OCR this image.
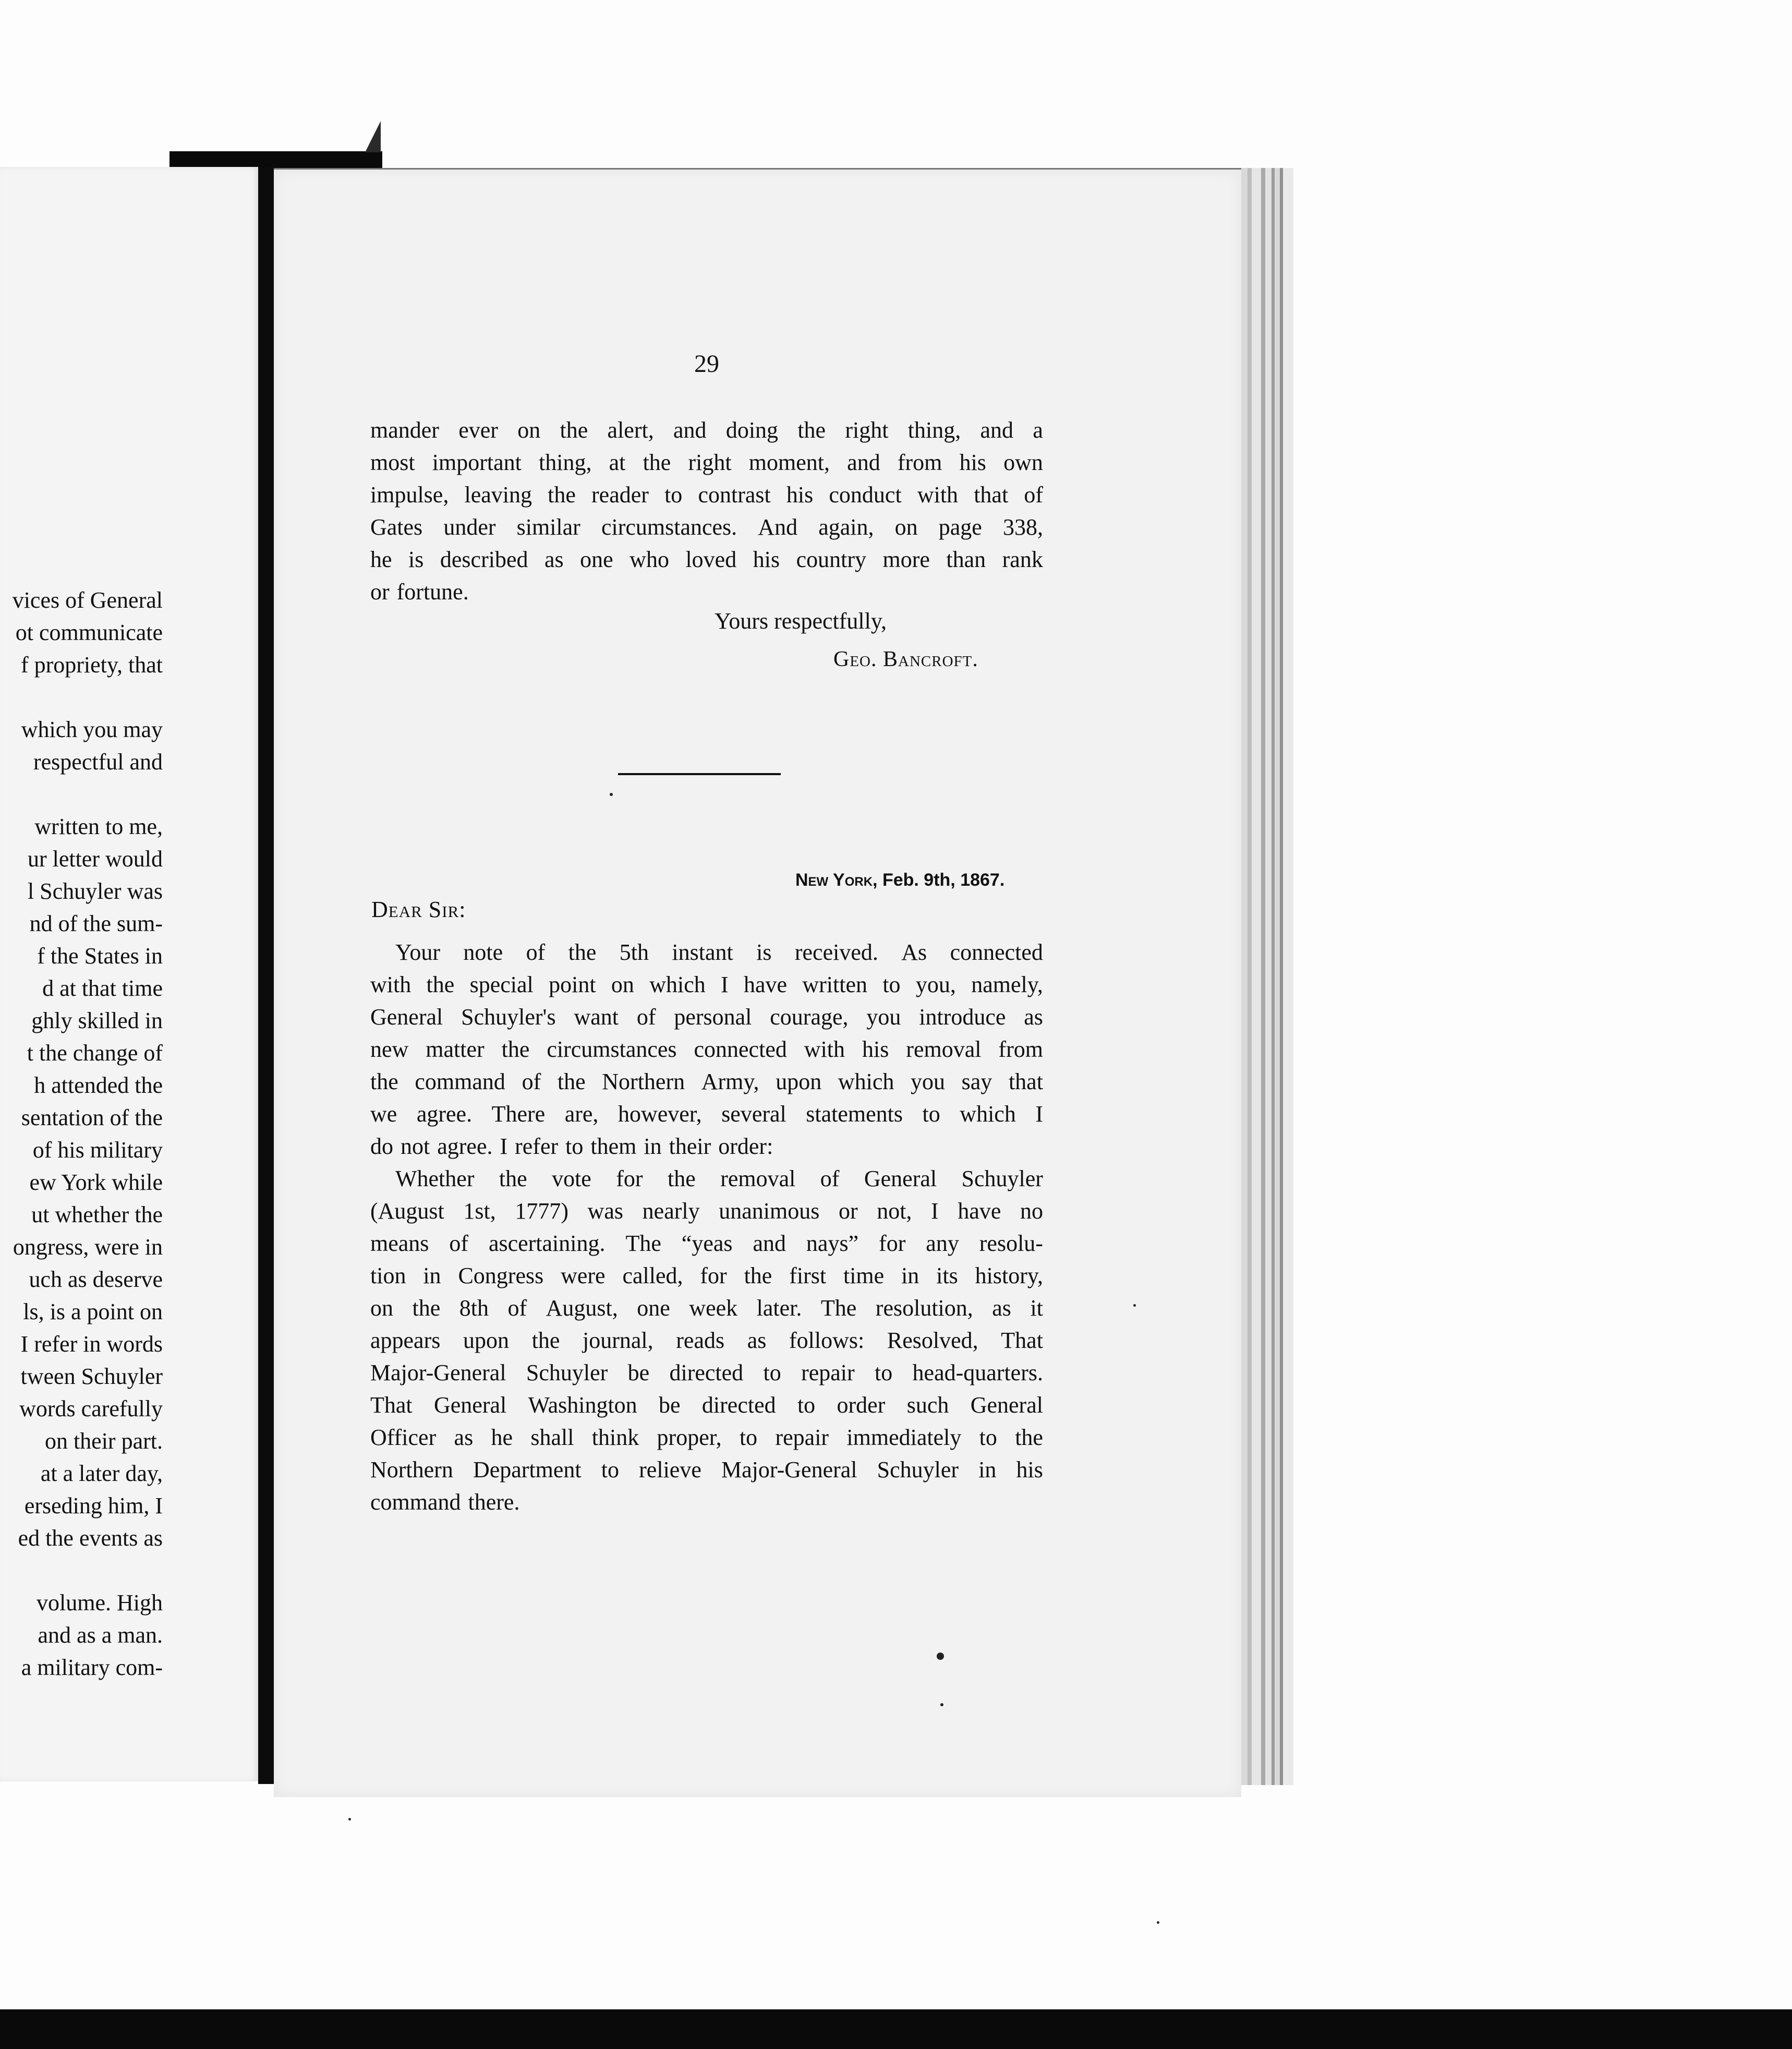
vices of General
ot communicate
f propriety, that
which you may
respectful and
written to me,
ur letter would
l Schuyler was
nd of the sum-
f the States in
d at that time
ghly skilled in
t the change of
h attended the
sentation of the
of his military
ew York while
ut whether the
ongress, were in
uch as deserve
ls, is a point on
I refer in words
tween Schuyler
words carefully
on their part.
at a later day,
erseding him, I
ed the events as
volume. High
and as a man.
a military com-
29
mander ever on the alert, and doing the right thing, and a
most important thing, at the right moment, and from his own
impulse, leaving the reader to contrast his conduct with that of
Gates under similar circumstances. And again, on page 338,
he is described as one who loved his country more than rank
or fortune.
Yours respectfully,
Geo. Bancroft.
New York, Feb. 9th, 1867.
Dear Sir:
Your note of the 5th instant is received. As connected
with the special point on which I have written to you, namely,
General Schuyler's want of personal courage, you introduce as
new matter the circumstances connected with his removal from
the command of the Northern Army, upon which you say that
we agree. There are, however, several statements to which I
do not agree. I refer to them in their order:
Whether the vote for the removal of General Schuyler
(August 1st, 1777) was nearly unanimous or not, I have no
means of ascertaining. The “yeas and nays” for any resolu-
tion in Congress were called, for the first time in its history,
on the 8th of August, one week later. The resolution, as it
appears upon the journal, reads as follows: Resolved, That
Major-General Schuyler be directed to repair to head-quarters.
That General Washington be directed to order such General
Officer as he shall think proper, to repair immediately to the
Northern Department to relieve Major-General Schuyler in his
command there.
